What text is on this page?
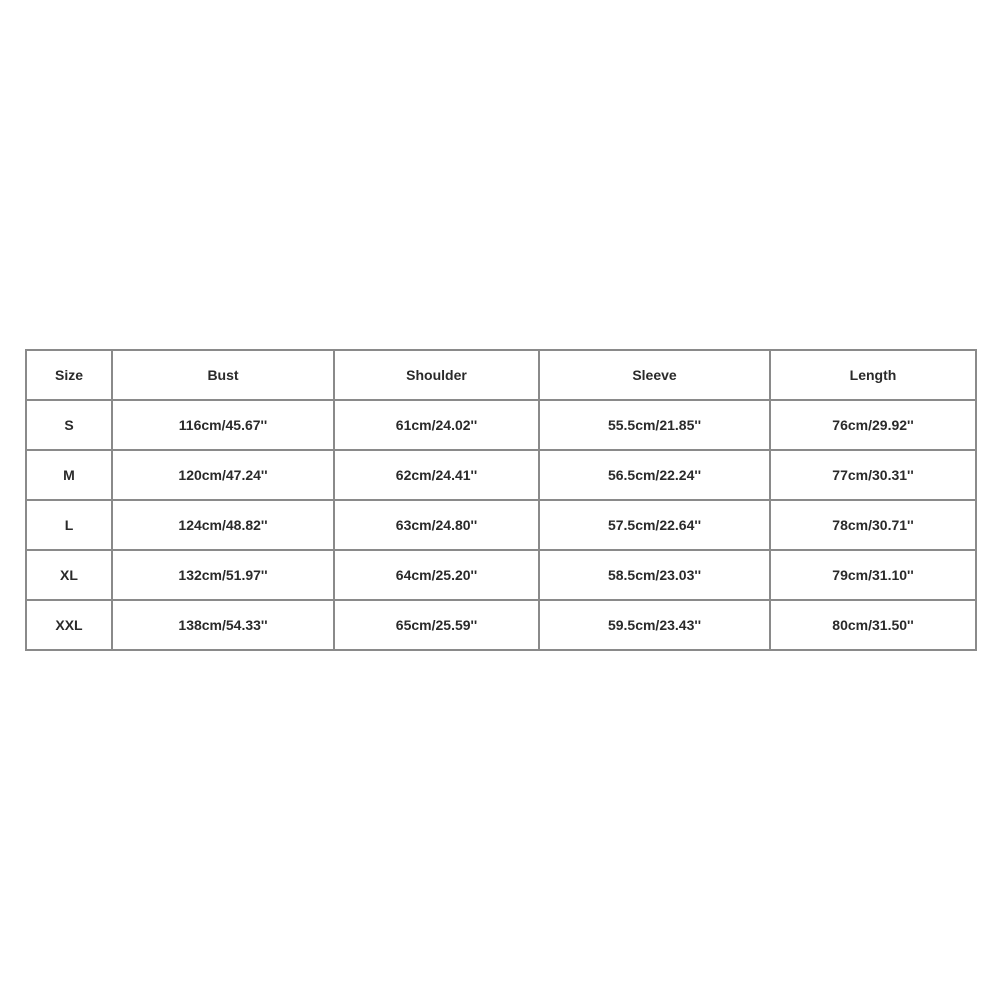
Size	Bust	Shoulder	Sleeve	Length
S	116cm/45.67''	61cm/24.02''	55.5cm/21.85''	76cm/29.92''
M	120cm/47.24''	62cm/24.41''	56.5cm/22.24''	77cm/30.31''
L	124cm/48.82''	63cm/24.80''	57.5cm/22.64''	78cm/30.71''
XL	132cm/51.97''	64cm/25.20''	58.5cm/23.03''	79cm/31.10''
XXL	138cm/54.33''	65cm/25.59''	59.5cm/23.43''	80cm/31.50''
